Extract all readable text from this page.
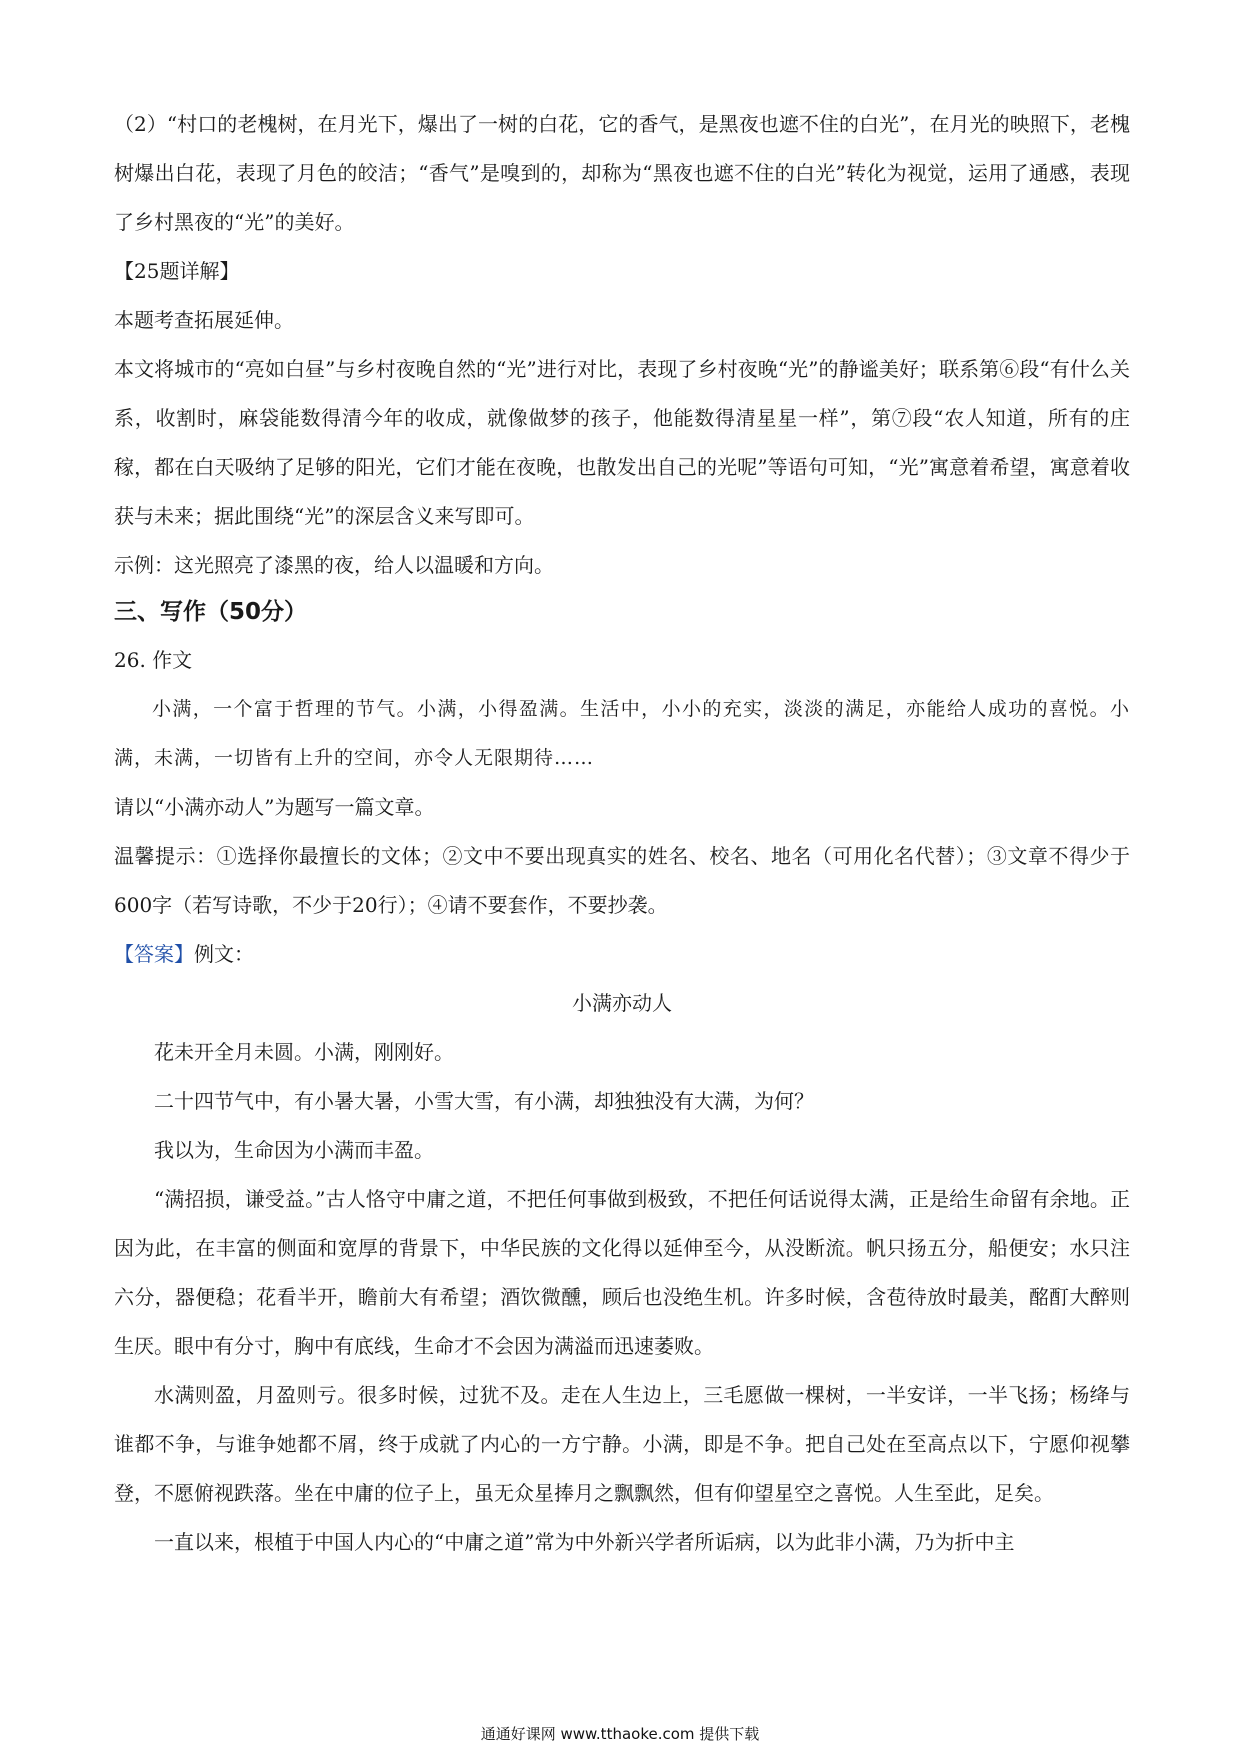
（2）“村口的老槐树，在月光下，爆出了一树的白花，它的香气，是黑夜也遮不住的白光”，在月光的映照下，老槐树爆出白花，表现了月色的皎洁；“香气”是嗅到的，却称为“黑夜也遮不住的白光”转化为视觉，运用了通感，表现了乡村黑夜的“光”的美好。

【25题详解】

本题考查拓展延伸。

本文将城市的“亮如白昼”与乡村夜晚自然的“光”进行对比，表现了乡村夜晚“光”的静谧美好；联系第⑥段“有什么关系，收割时，麻袋能数得清今年的收成，就像做梦的孩子，他能数得清星星一样”，第⑦段“农人知道，所有的庄稼，都在白天吸纳了足够的阳光，它们才能在夜晚，也散发出自己的光呢”等语句可知，“光”寓意着希望，寓意着收获与未来；据此围绕“光”的深层含义来写即可。

示例：这光照亮了漆黑的夜，给人以温暖和方向。

三、写作（50分）

26. 作文

小满，一个富于哲理的节气。小满，小得盈满。生活中，小小的充实，淡淡的满足，亦能给人成功的喜悦。小满，未满，一切皆有上升的空间，亦令人无限期待……

请以“小满亦动人”为题写一篇文章。

温馨提示：①选择你最擅长的文体；②文中不要出现真实的姓名、校名、地名（可用化名代替）；③文章不得少于600字（若写诗歌，不少于20行）；④请不要套作，不要抄袭。

【答案】例文：

小满亦动人

花未开全月未圆。小满，刚刚好。

二十四节气中，有小暑大暑，小雪大雪，有小满，却独独没有大满，为何？

我以为，生命因为小满而丰盈。

“满招损，谦受益。”古人恪守中庸之道，不把任何事做到极致，不把任何话说得太满，正是给生命留有余地。正因为此，在丰富的侧面和宽厚的背景下，中华民族的文化得以延伸至今，从没断流。帆只扬五分，船便安；水只注六分，器便稳；花看半开，瞻前大有希望；酒饮微醺，顾后也没绝生机。许多时候，含苞待放时最美，酩酊大醉则生厌。眼中有分寸，胸中有底线，生命才不会因为满溢而迅速萎败。

水满则盈，月盈则亏。很多时候，过犹不及。走在人生边上，三毛愿做一棵树，一半安详，一半飞扬；杨绛与谁都不争，与谁争她都不屑，终于成就了内心的一方宁静。小满，即是不争。把自己处在至高点以下，宁愿仰视攀登，不愿俯视跌落。坐在中庸的位子上，虽无众星捧月之飘飘然，但有仰望星空之喜悦。人生至此，足矣。

一直以来，根植于中国人内心的“中庸之道”常为中外新兴学者所诟病，以为此非小满，乃为折中主

通通好课网 www.tthaoke.com 提供下载
